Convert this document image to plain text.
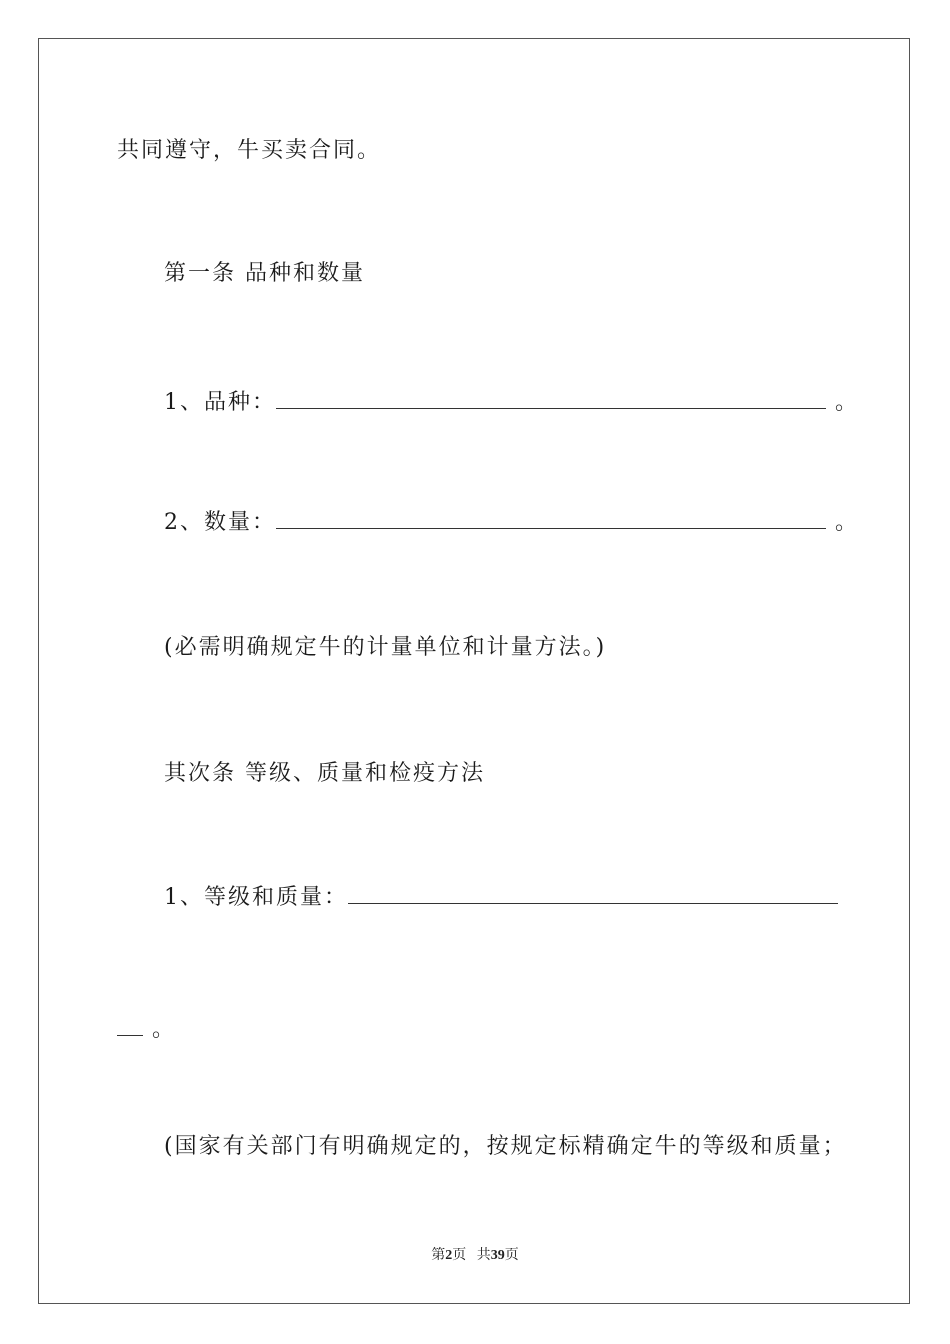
共同遵守，牛买卖合同。
第一条 品种和数量
1、品种：	。
2、数量：	。
(必需明确规定牛的计量单位和计量方法。)
其次条 等级、质量和检疫方法
1、等级和质量：
。
(国家有关部门有明确规定的，按规定标精确定牛的等级和质量；
第2页 共39页
